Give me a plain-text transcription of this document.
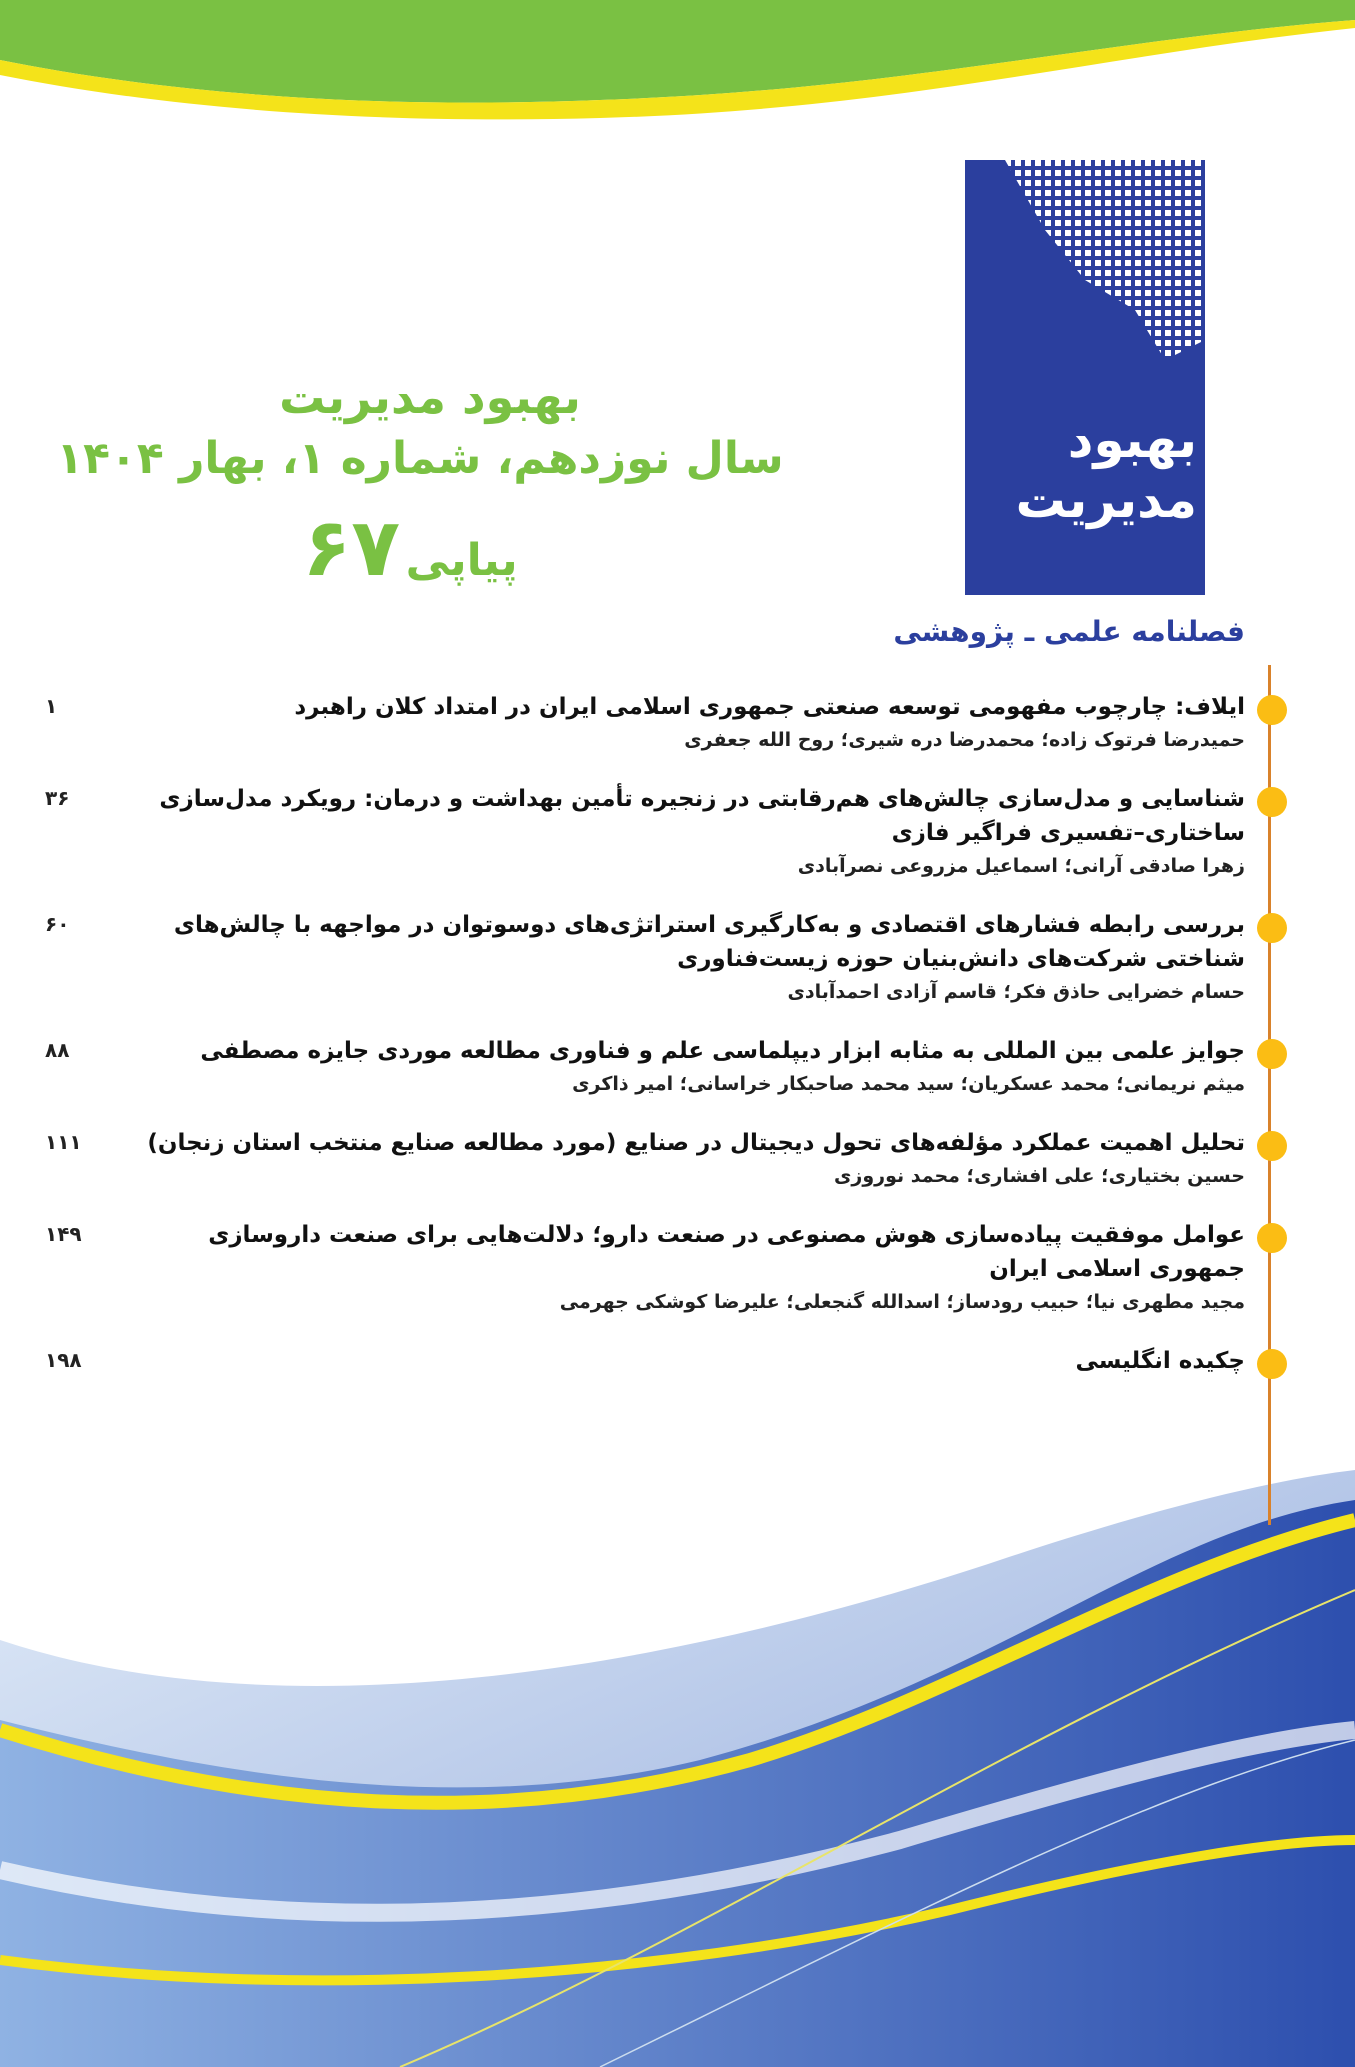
بهبود مدیریت
سال نوزدهم، شماره ۱، بهار ۱۴۰۴
پیاپی ۶۷
بهبود مدیریت
فصلنامه علمی ـ پژوهشی
۱	ایلاف: چارچوب مفهومی توسعه صنعتی جمهوری اسلامی ایران در امتداد کلان راهبرد
حمیدرضا فرتوک زاده؛ محمدرضا دره شیری؛ روح الله جعفری
۳۶	شناسایی و مدل‌سازی چالش‌های هم‌رقابتی در زنجیره تأمین بهداشت و درمان: رویکرد مدل‌سازی ساختاری–تفسیری فراگیر فازی
زهرا صادقی آرانی؛ اسماعیل مزروعی نصرآبادی
۶۰	بررسی رابطه فشارهای اقتصادی و به‌کارگیری استراتژی‌های دوسوتوان در مواجهه با چالش‌های شناختی شرکت‌های دانش‌بنیان حوزه زیست‌فناوری
حسام خضرایی حاذق فکر؛ قاسم آزادی احمدآبادی
۸۸	جوایز علمی بین المللی به مثابه ابزار دیپلماسی علم و فناوری مطالعه موردی جایزه مصطفی
میثم نریمانی؛ محمد عسکریان؛ سید محمد صاحبکار خراسانی؛ امیر ذاکری
۱۱۱	تحلیل اهمیت عملکرد مؤلفه‌های تحول دیجیتال در صنایع (مورد مطالعه صنایع منتخب استان زنجان)
حسین بختیاری؛ علی افشاری؛ محمد نوروزی
۱۴۹	عوامل موفقیت پیاده‌سازی هوش مصنوعی در صنعت دارو؛ دلالت‌هایی برای صنعت داروسازی جمهوری اسلامی ایران
مجید مطهری نیا؛ حبیب رودساز؛ اسدالله گنجعلی؛ علیرضا کوشکی جهرمی
۱۹۸	چکیده انگلیسی
